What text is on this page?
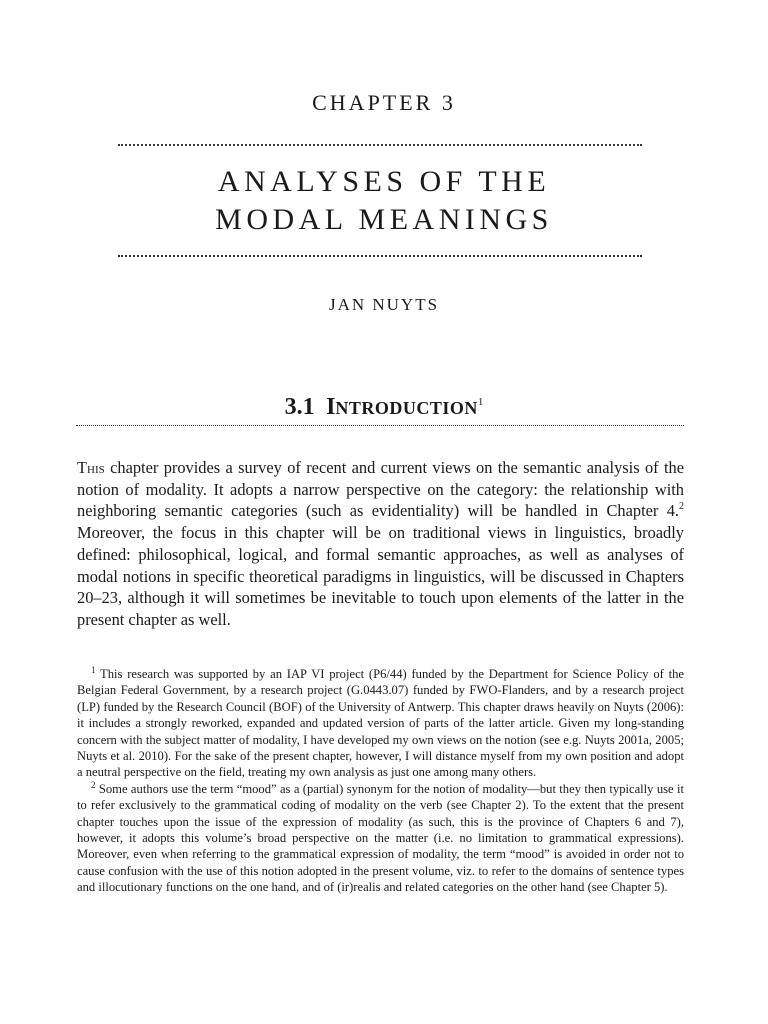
CHAPTER 3
ANALYSES OF THE
MODAL MEANINGS
JAN NUYTS
3.1 INTRODUCTION$^1$

This chapter provides a survey of recent and current views on the semantic analysis of the notion of modality. It adopts a narrow perspective on the category: the relationship with neighboring semantic categories (such as evidentiality) will be handled in Chapter 4.$^2$ Moreover, the focus in this chapter will be on traditional views in linguistics, broadly defined: philosophical, logical, and formal semantic approaches, as well as analyses of modal notions in specific theoretical paradigms in linguistics, will be discussed in Chapters 20–23, although it will sometimes be inevitable to touch upon elements of the latter in the present chapter as well.

$^1$ This research was supported by an IAP VI project (P6/44) funded by the Department for Science Policy of the Belgian Federal Government, by a research project (G.0443.07) funded by FWO-Flanders, and by a research project (LP) funded by the Research Council (BOF) of the University of Antwerp. This chapter draws heavily on Nuyts (2006): it includes a strongly reworked, expanded and updated version of parts of the latter article. Given my long-standing concern with the subject matter of modality, I have developed my own views on the notion (see e.g. Nuyts 2001a, 2005; Nuyts et al. 2010). For the sake of the present chapter, however, I will distance myself from my own position and adopt a neutral perspective on the field, treating my own analysis as just one among many others.

$^2$ Some authors use the term “mood” as a (partial) synonym for the notion of modality—but they then typically use it to refer exclusively to the grammatical coding of modality on the verb (see Chapter 2). To the extent that the present chapter touches upon the issue of the expression of modality (as such, this is the province of Chapters 6 and 7), however, it adopts this volume’s broad perspective on the matter (i.e. no limitation to grammatical expressions). Moreover, even when referring to the grammatical expression of modality, the term “mood” is avoided in order not to cause confusion with the use of this notion adopted in the present volume, viz. to refer to the domains of sentence types and illocutionary functions on the one hand, and of (ir)realis and related categories on the other hand (see Chapter 5).
